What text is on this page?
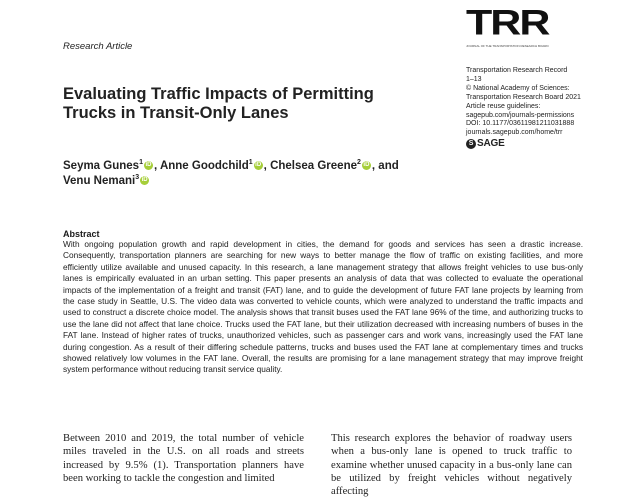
Research Article
TRR
JOURNAL OF THE TRANSPORTATION RESEARCH BOARD
Transportation Research Record
1–13
© National Academy of Sciences:
Transportation Research Board 2021
Article reuse guidelines:
sagepub.com/journals-permissions
DOI: 10.1177/03611981211031888
journals.sagepub.com/home/trr
S SAGE
Evaluating Traffic Impacts of Permitting Trucks in Transit-Only Lanes
Seyma Gunes$^1$ iD , Anne Goodchild$^1$ iD , Chelsea Greene$^2$ iD , and
Venu Nemani$^3$ iD
Abstract
With ongoing population growth and rapid development in cities, the demand for goods and services has seen a drastic increase. Consequently, transportation planners are searching for new ways to better manage the flow of traffic on existing facilities, and more efficiently utilize available and unused capacity. In this research, a lane management strategy that allows freight vehicles to use bus-only lanes is empirically evaluated in an urban setting. This paper presents an analysis of data that was collected to evaluate the operational impacts of the implementation of a freight and transit (FAT) lane, and to guide the development of future FAT lane projects by learning from the case study in Seattle, U.S. The video data was converted to vehicle counts, which were analyzed to understand the traffic impacts and used to construct a discrete choice model. The analysis shows that transit buses used the FAT lane 96% of the time, and authorizing trucks to use the lane did not affect that lane choice. Trucks used the FAT lane, but their utilization decreased with increasing numbers of buses in the FAT lane. Instead of higher rates of trucks, unauthorized vehicles, such as passenger cars and work vans, increasingly used the FAT lane during congestion. As a result of their differing schedule patterns, trucks and buses used the FAT lane at complementary times and trucks showed relatively low volumes in the FAT lane. Overall, the results are promising for a lane management strategy that may improve freight system performance without reducing transit service quality.
Between 2010 and 2019, the total number of vehicle miles traveled in the U.S. on all roads and streets increased by 9.5% (1). Transportation planners have been working to tackle the congestion and limited
This research explores the behavior of roadway users when a bus-only lane is opened to truck traffic to examine whether unused capacity in a bus-only lane can be utilized by freight vehicles without negatively affecting
